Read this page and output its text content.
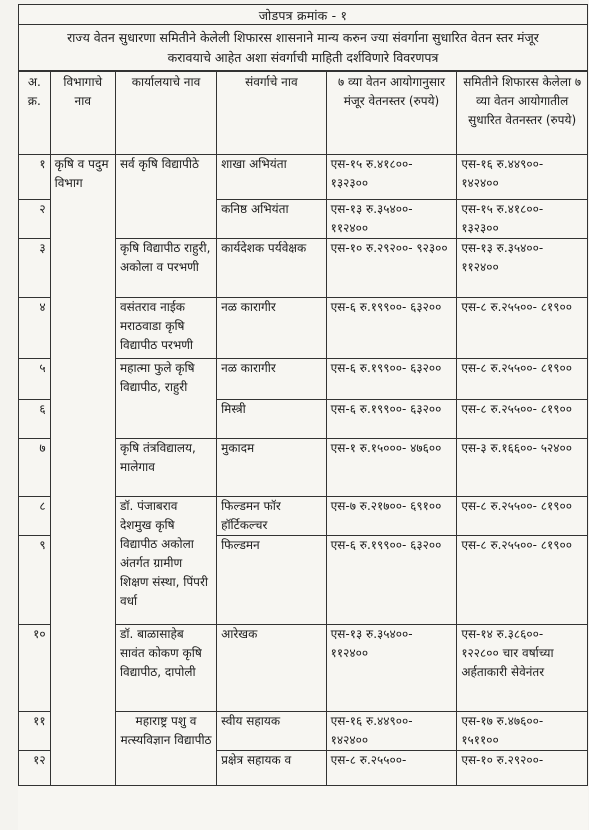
जोडपत्र क्रमांक - १
राज्य वेतन सुधारणा समितीने केलेली शिफारस शासनाने मान्य करुन ज्या संवर्गाना सुधारित वेतन स्तर मंजूर
करावयाचे आहेत अशा संवर्गाची माहिती दर्शविणारे विवरणपत्र
अ. क्र.	विभागाचे नाव	कार्यालयाचे नाव	संवर्गाचे नाव	७ व्या वेतन आयोगानुसार मंजूर वेतनस्तर (रुपये)	समितीने शिफारस केलेला ७ व्या वेतन आयोगातील सुधारित वेतनस्तर (रुपये)
१	कृषि व पदुम विभाग	सर्व कृषि विद्यापीठे	शाखा अभियंता	एस-१५ रु.४१८००- १३२३००	एस-१६ रु.४४९००- १४२४००
२			कनिष्ठ अभियंता	एस-१३ रु.३५४००- ११२४००	एस-१५ रु.४१८००- १३२३००
३		कृषि विद्यापीठ राहुरी, अकोला व परभणी	कार्यदेशक पर्यवेक्षक	एस-१० रु.२९२००- ९२३००	एस-१३ रु.३५४००- ११२४००
४		वसंतराव नाईक मराठवाडा कृषि विद्यापीठ परभणी	नळ कारागीर	एस-६ रु.१९९००- ६३२००	एस-८ रु.२५५००- ८१९००
५		महात्मा फुले कृषि विद्यापीठ, राहुरी	नळ कारागीर	एस-६ रु.१९९००- ६३२००	एस-८ रु.२५५००- ८१९००
६			मिस्त्री	एस-६ रु.१९९००- ६३२००	एस-८ रु.२५५००- ८१९००
७		कृषि तंत्रविद्यालय, मालेगाव	मुकादम	एस-१ रु.१५०००- ४७६००	एस-३ रु.१६६००- ५२४००
८		डॉ. पंजाबराव देशमुख कृषि विद्यापीठ अकोला अंतर्गत ग्रामीण शिक्षण संस्था, पिंपरी वर्धा	फिल्डमन फॉर हॉर्टिकल्चर	एस-७ रु.२१७००- ६९१००	एस-८ रु.२५५००- ८१९००
९			फिल्डमन	एस-६ रु.१९९००- ६३२००	एस-८ रु.२५५००- ८१९००
१०		डॉ. बाळासाहेब सावंत कोकण कृषि विद्यापीठ, दापोली	आरेखक	एस-१३ रु.३५४००- ११२४००	एस-१४ रु.३८६००- १२२८०० चार वर्षाच्या अर्हताकारी सेवेनंतर
११		महाराष्ट्र पशु व मत्स्यविज्ञान विद्यापीठ	स्वीय सहायक	एस-१६ रु.४४९००- १४२४००	एस-१७ रु.४७६००- १५११००
१२			प्रक्षेत्र सहायक व	एस-८ रु.२५५००-	एस-१० रु.२९२००-
